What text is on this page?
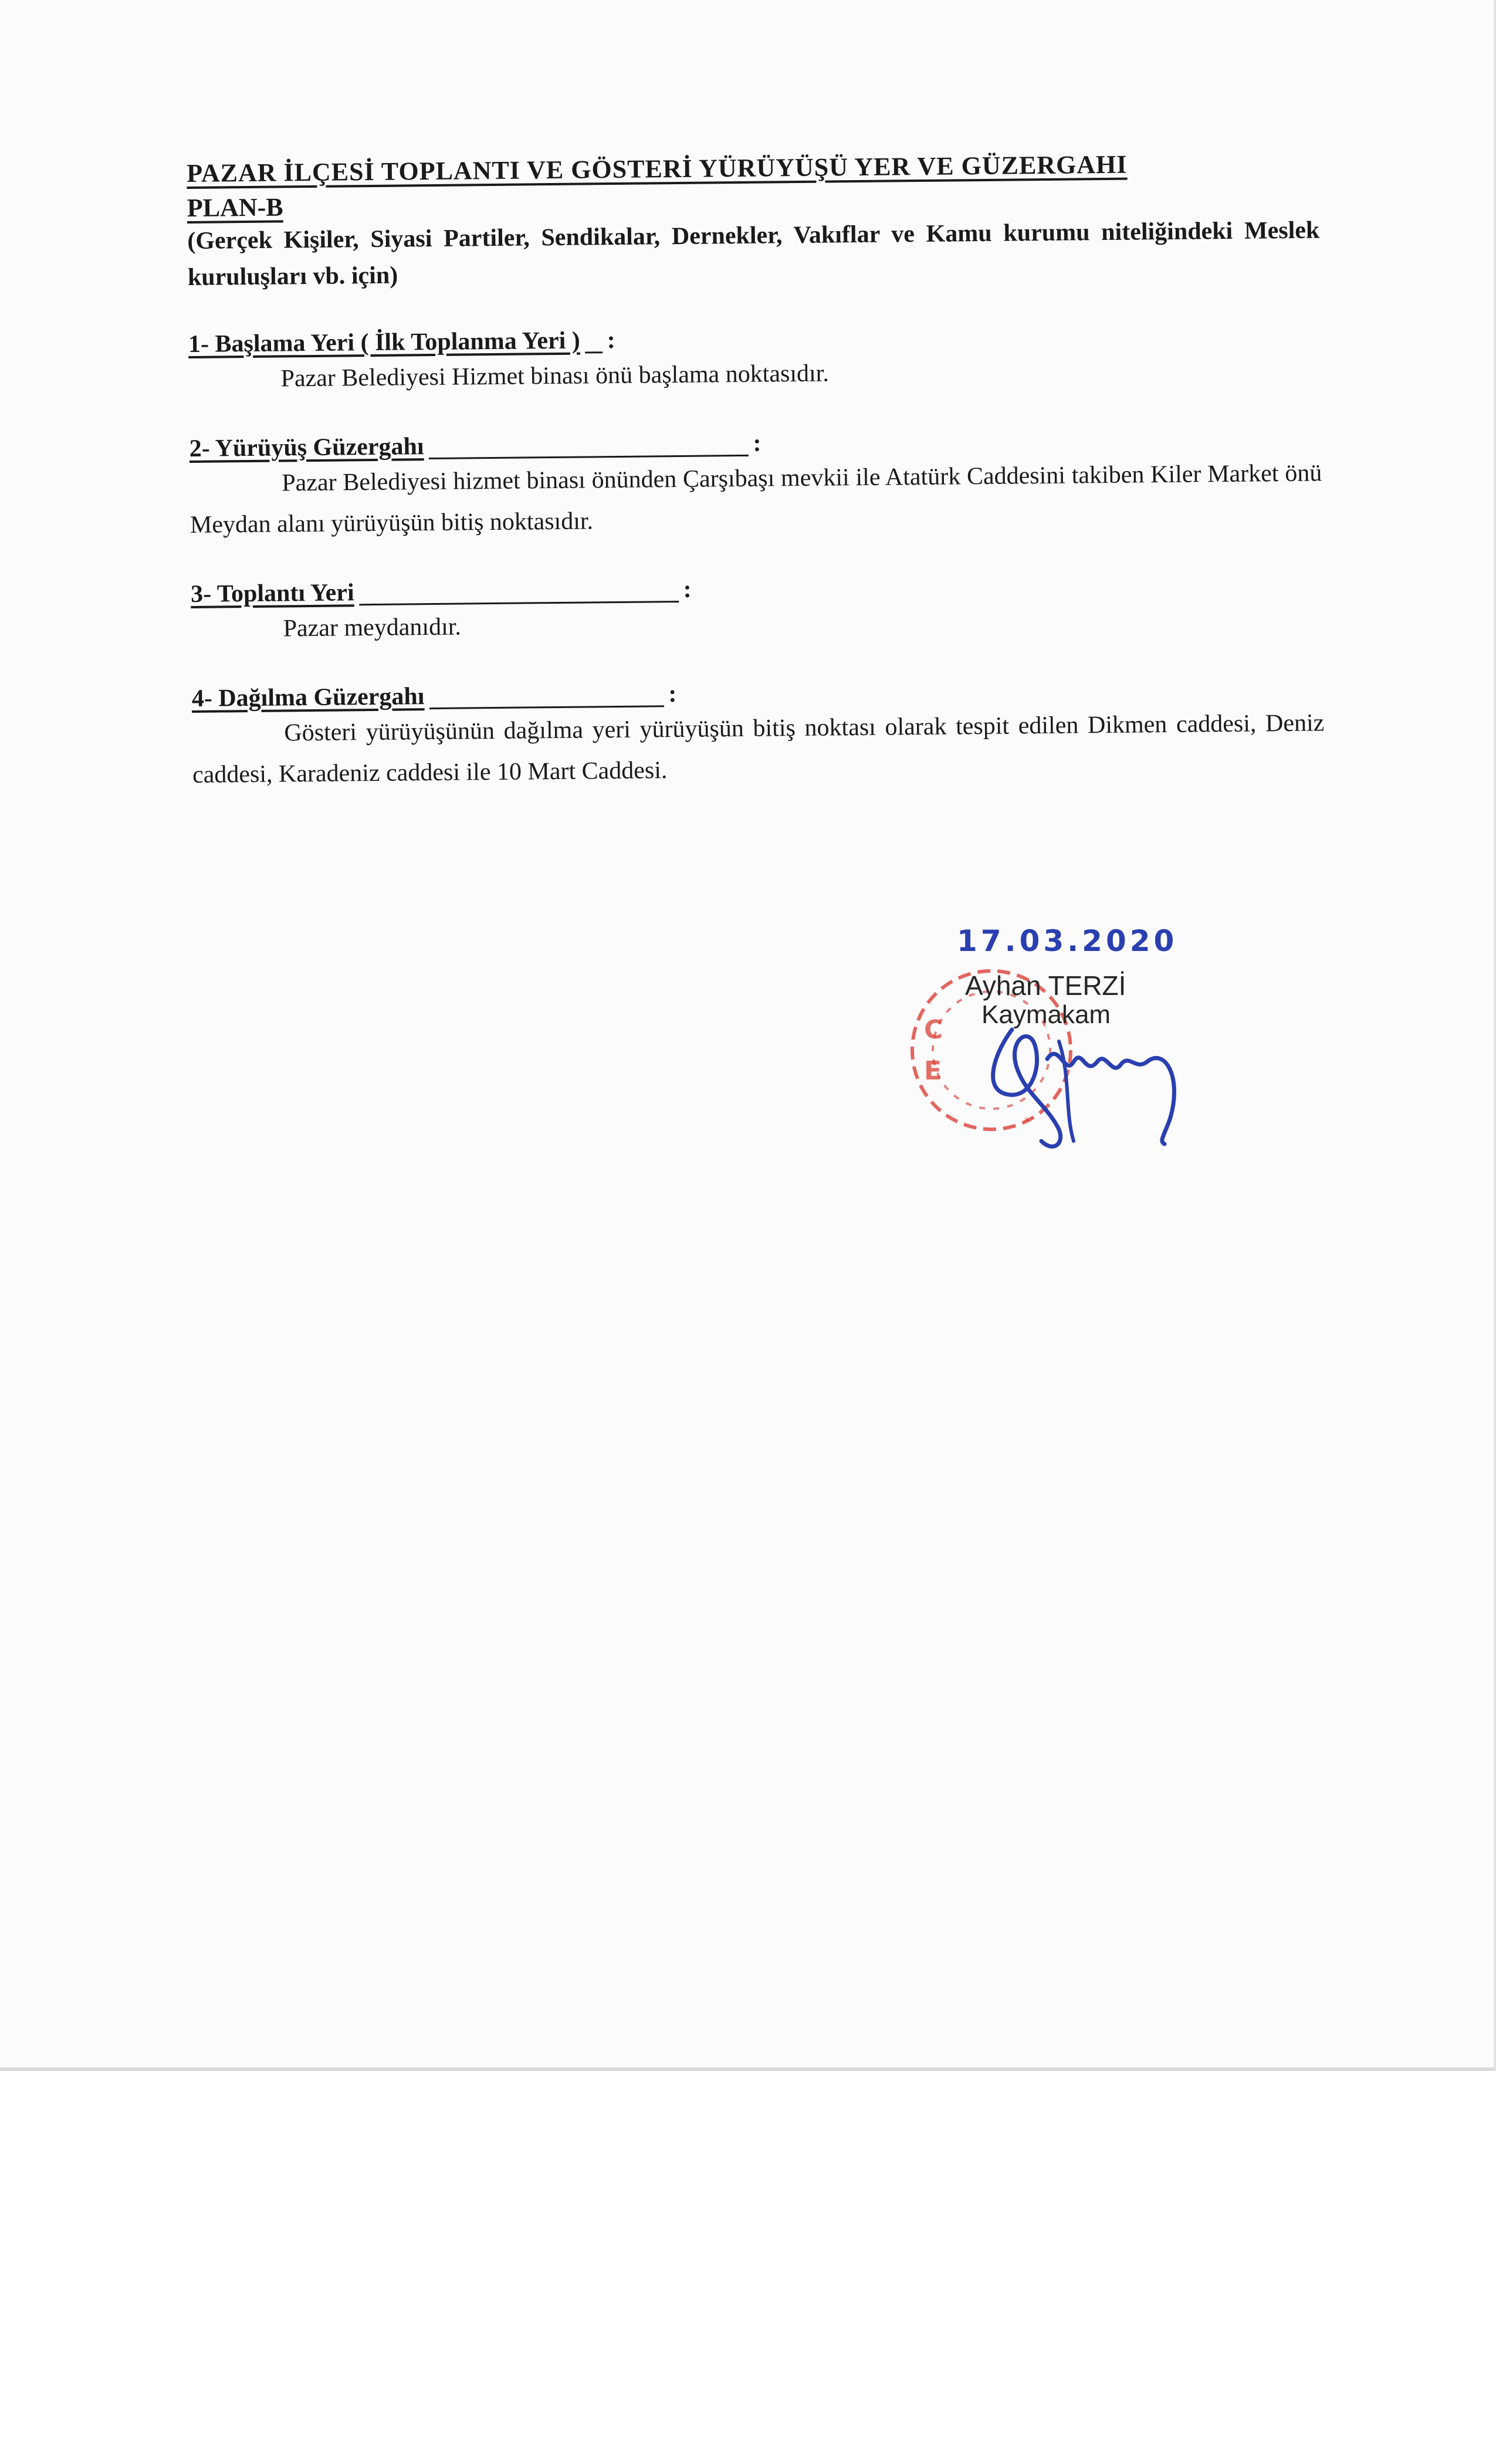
PAZAR İLÇESİ TOPLANTI VE GÖSTERİ YÜRÜYÜŞÜ YER VE GÜZERGAHI

PLAN-B

(Gerçek Kişiler, Siyasi Partiler, Sendikalar, Dernekler, Vakıflar ve Kamu kurumu niteliğindeki Meslek kuruluşları vb. için)

1- Başlama Yeri ( İlk Toplanma Yeri ) :

Pazar Belediyesi Hizmet binası önü başlama noktasıdır.

2- Yürüyüş Güzergahı	:

Pazar Belediyesi hizmet binası önünden Çarşıbaşı mevkii ile Atatürk Caddesini takiben Kiler Market önü Meydan alanı yürüyüşün bitiş noktasıdır.

3- Toplantı Yeri	:

Pazar meydanıdır.

4- Dağılma Güzergahı	:

Gösteri yürüyüşünün dağılma yeri yürüyüşün bitiş noktası olarak tespit edilen Dikmen caddesi, Deniz caddesi, Karadeniz caddesi ile 10 Mart Caddesi.

C
E
*
17.03.2020
Ayhan TERZİ
Kaymakam
